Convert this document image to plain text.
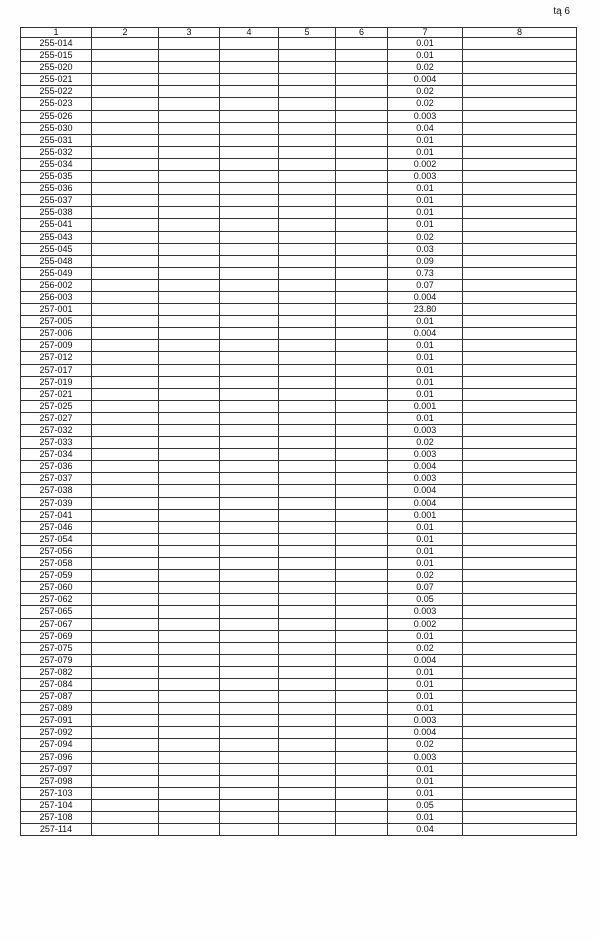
tą 6
1	2	3	4	5	6	7	8
255-014						0.01	
255-015						0.01	
255-020						0.02	
255-021						0.004	
255-022						0.02	
255-023						0.02	
255-026						0.003	
255-030						0.04	
255-031						0.01	
255-032						0.01	
255-034						0.002	
255-035						0.003	
255-036						0.01	
255-037						0.01	
255-038						0.01	
255-041						0.01	
255-043						0.02	
255-045						0.03	
255-048						0.09	
255-049						0.73	
256-002						0.07	
256-003						0.004	
257-001						23.80	
257-005						0.01	
257-006						0.004	
257-009						0.01	
257-012						0.01	
257-017						0.01	
257-019						0.01	
257-021						0.01	
257-025						0.001	
257-027						0.01	
257-032						0.003	
257-033						0.02	
257-034						0.003	
257-036						0.004	
257-037						0.003	
257-038						0.004	
257-039						0.004	
257-041						0.001	
257-046						0.01	
257-054						0.01	
257-056						0.01	
257-058						0.01	
257-059						0.02	
257-060						0.07	
257-062						0.05	
257-065						0.003	
257-067						0.002	
257-069						0.01	
257-075						0.02	
257-079						0.004	
257-082						0.01	
257-084						0.01	
257-087						0.01	
257-089						0.01	
257-091						0.003	
257-092						0.004	
257-094						0.02	
257-096						0.003	
257-097						0.01	
257-098						0.01	
257-103						0.01	
257-104						0.05	
257-108						0.01	
257-114						0.04	
